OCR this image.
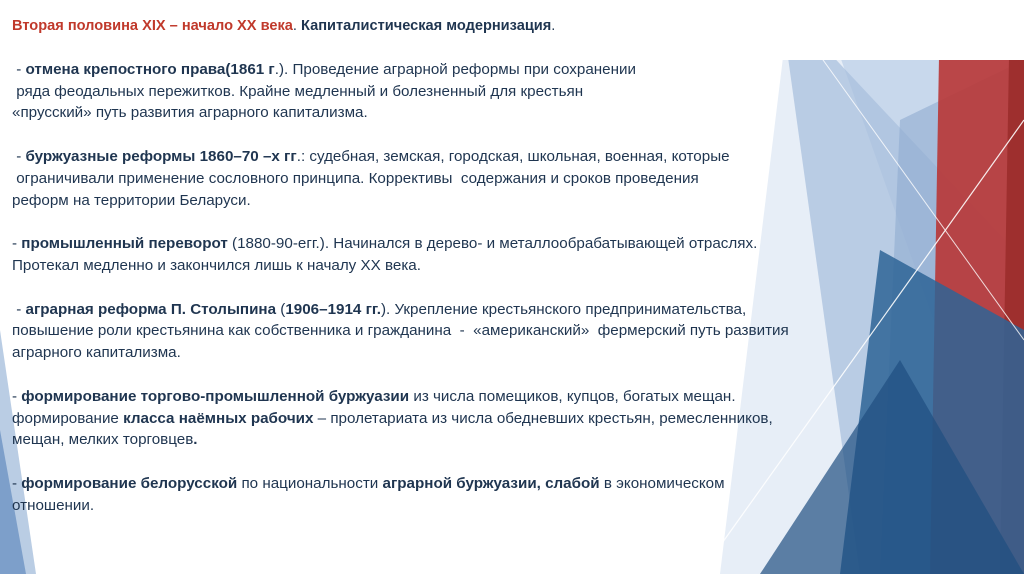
Вторая половина XIX – начало XX века. Капиталистическая модернизация.
- отмена крепостного права(1861 г.). Проведение аграрной реформы при сохранении
ряда феодальных пережитков. Крайне медленный и болезненный для крестьян
«прусский» путь развития аграрного капитализма.
- буржуазные реформы 1860–70 –х гг.: судебная, земская, городская, школьная, военная, которые
ограничивали применение сословного принципа. Коррективы  содержания и сроков проведения
реформ на территории Беларуси.
- промышленный переворот (1880-90-егг.). Начинался в дерево- и металлообрабатывающей отраслях.
Протекал медленно и закончился лишь к началу XX века.
- аграрная реформа П. Столыпина (1906–1914 гг.). Укрепление крестьянского предпринимательства,
повышение роли крестьянина как собственника и гражданина  -  «американский»  фермерский путь развития
аграрного капитализма.
- формирование торгово-промышленной буржуазии из числа помещиков, купцов, богатых мещан.
формирование класса наёмных рабочих – пролетариата из числа обедневших крестьян, ремесленников,
мещан, мелких торговцев.
- формирование белорусской по национальности аграрной буржуазии, слабой в экономическом
отношении.
